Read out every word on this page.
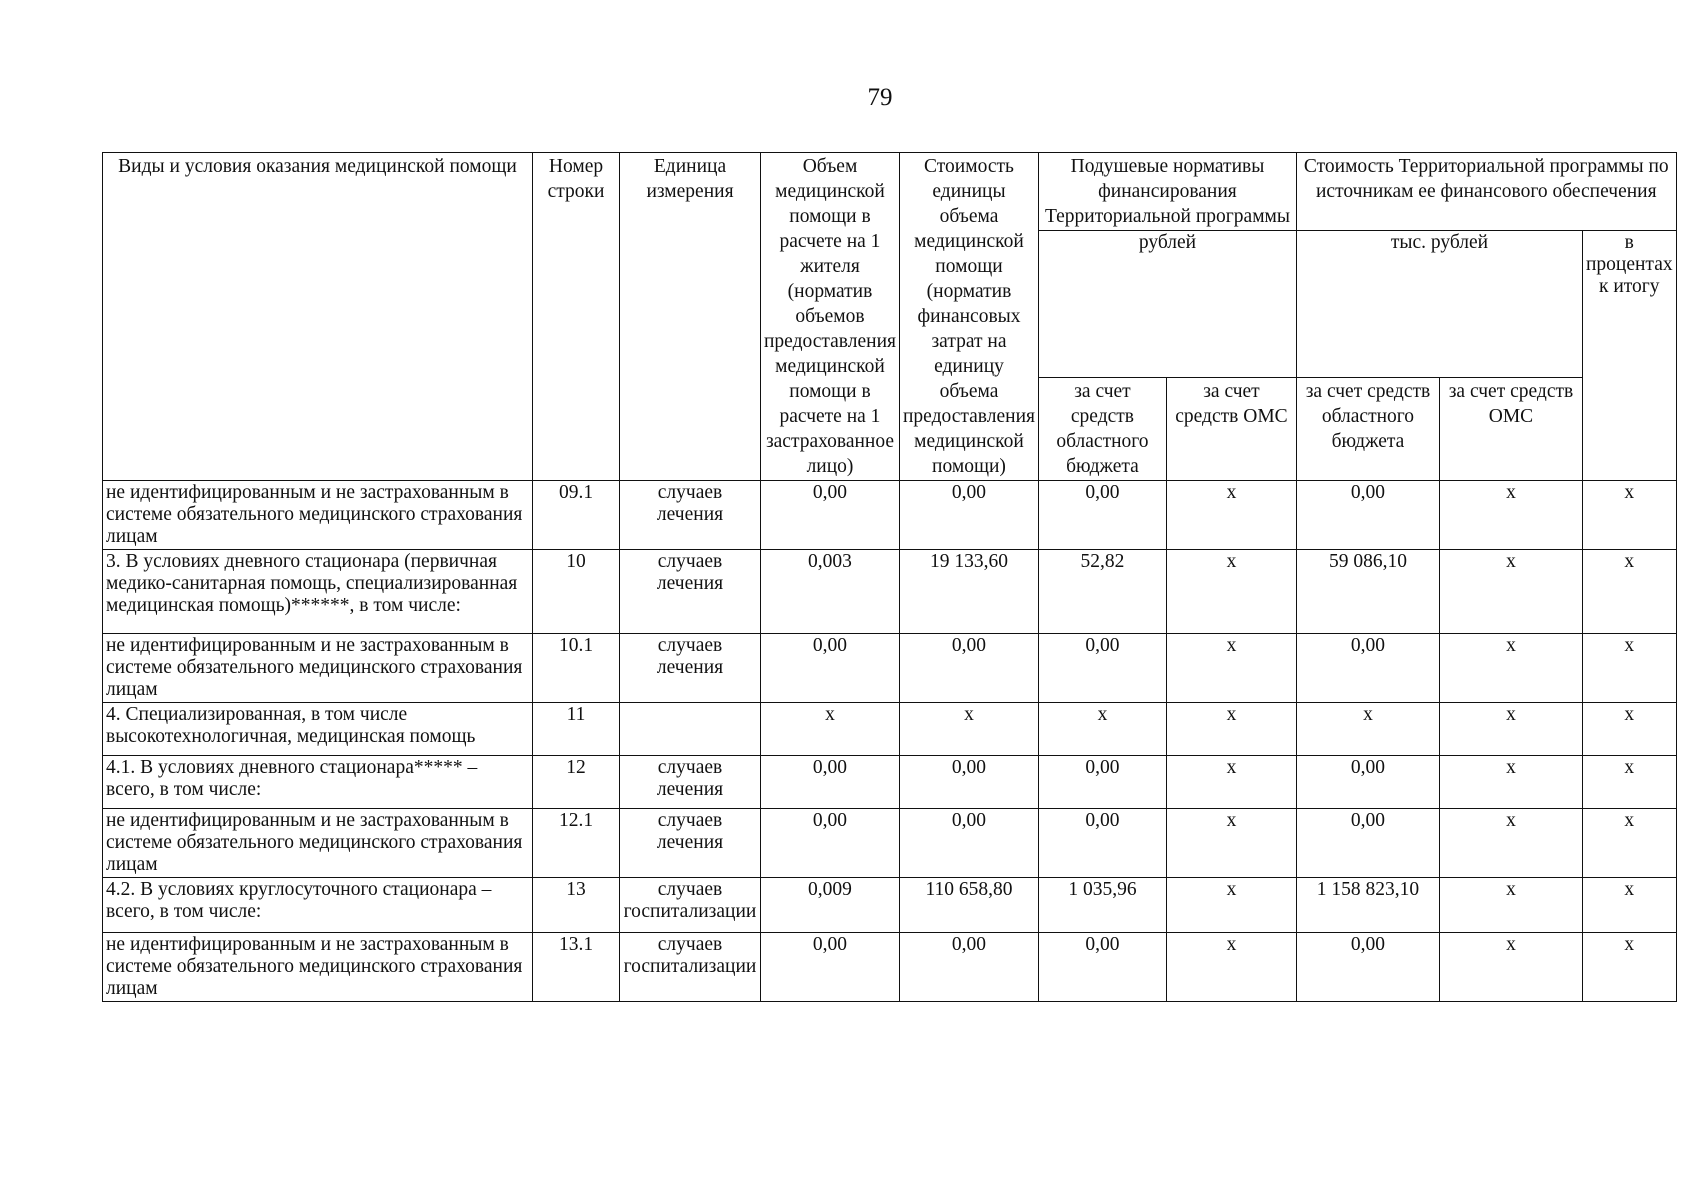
79
Виды и условия оказания медицинской помощи	Номер строки	Единица измерения	Объем медицинской помощи в расчете на 1 жителя (норматив объемов предоставления медицинской помощи в расчете на 1 застрахованное лицо)	Стоимость единицы объема медицинской помощи (норматив финансовых затрат на единицу объема предоставления медицинской помощи)	Подушевые нормативы финансирования Территориальной программы		Стоимость Территориальной программы по источникам ее финансового обеспечения		
					рублей		тыс. рублей		в процентах к итогу
					за счет средств областного бюджета	за счет средств ОМС	за счет средств областного бюджета	за счет средств ОМС	
не идентифицированным и не застрахованным в системе обязательного медицинского страхования лицам	09.1	случаев лечения	0,00	0,00	0,00	х	0,00	х	х
3. В условиях дневного стационара (первичная медико-санитарная помощь, специализированная медицинская помощь)******, в том числе:	10	случаев лечения	0,003	19 133,60	52,82	х	59 086,10	х	х
не идентифицированным и не застрахованным в системе обязательного медицинского страхования лицам	10.1	случаев лечения	0,00	0,00	0,00	х	0,00	х	х
4. Специализированная, в том числе высокотехнологичная, медицинская помощь	11		х	х	х	х	х	х	х
4.1. В условиях дневного стационара***** – всего, в том числе:	12	случаев лечения	0,00	0,00	0,00	х	0,00	х	х
не идентифицированным и не застрахованным в системе обязательного медицинского страхования лицам	12.1	случаев лечения	0,00	0,00	0,00	х	0,00	х	х
4.2. В условиях круглосуточного стационара – всего, в том числе:	13	случаев госпитализации	0,009	110 658,80	1 035,96	х	1 158 823,10	х	х
не идентифицированным и не застрахованным в системе обязательного медицинского страхования лицам	13.1	случаев госпитализации	0,00	0,00	0,00	х	0,00	х	х
